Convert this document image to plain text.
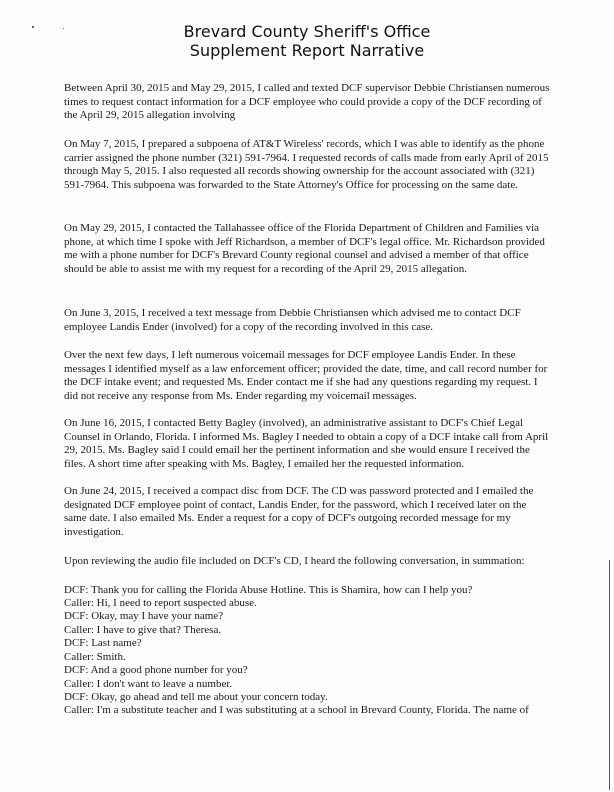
Brevard County Sheriff's Office
Supplement Report Narrative

Between April 30, 2015 and May 29, 2015, I called and texted DCF supervisor Debbie Christiansen numerous times to request contact information for a DCF employee who could provide a copy of the DCF recording of the April 29, 2015 allegation involving

On May 7, 2015, I prepared a subpoena of AT&T Wireless' records, which I was able to identify as the phone carrier assigned the phone number (321) 591-7964. I requested records of calls made from early April of 2015 through May 5, 2015. I also requested all records showing ownership for the account associated with (321) 591-7964. This subpoena was forwarded to the State Attorney's Office for processing on the same date.

On May 29, 2015, I contacted the Tallahassee office of the Florida Department of Children and Families via phone, at which time I spoke with Jeff Richardson, a member of DCF's legal office. Mr. Richardson provided me with a phone number for DCF's Brevard County regional counsel and advised a member of that office should be able to assist me with my request for a recording of the April 29, 2015 allegation.

On June 3, 2015, I received a text message from Debbie Christiansen which advised me to contact DCF employee Landis Ender (involved) for a copy of the recording involved in this case.

Over the next few days, I left numerous voicemail messages for DCF employee Landis Ender. In these messages I identified myself as a law enforcement officer; provided the date, time, and call record number for the DCF intake event; and requested Ms. Ender contact me if she had any questions regarding my request. I did not receive any response from Ms. Ender regarding my voicemail messages.

On June 16, 2015, I contacted Betty Bagley (involved), an administrative assistant to DCF's Chief Legal Counsel in Orlando, Florida. I informed Ms. Bagley I needed to obtain a copy of a DCF intake call from April 29, 2015. Ms. Bagley said I could email her the pertinent information and she would ensure I received the files. A short time after speaking with Ms. Bagley, I emailed her the requested information.

On June 24, 2015, I received a compact disc from DCF. The CD was password protected and I emailed the designated DCF employee point of contact, Landis Ender, for the password, which I received later on the same date. I also emailed Ms. Ender a request for a copy of DCF's outgoing recorded message for my investigation.

Upon reviewing the audio file included on DCF's CD, I heard the following conversation, in summation:

DCF: Thank you for calling the Florida Abuse Hotline. This is Shamira, how can I help you?
Caller: Hi, I need to report suspected abuse.
DCF: Okay, may I have your name?
Caller: I have to give that? Theresa.
DCF: Last name?
Caller: Smith.
DCF: And a good phone number for you?
Caller: I don't want to leave a number.
DCF: Okay, go ahead and tell me about your concern today.
Caller: I'm a substitute teacher and I was substituting at a school in Brevard County, Florida. The name of
